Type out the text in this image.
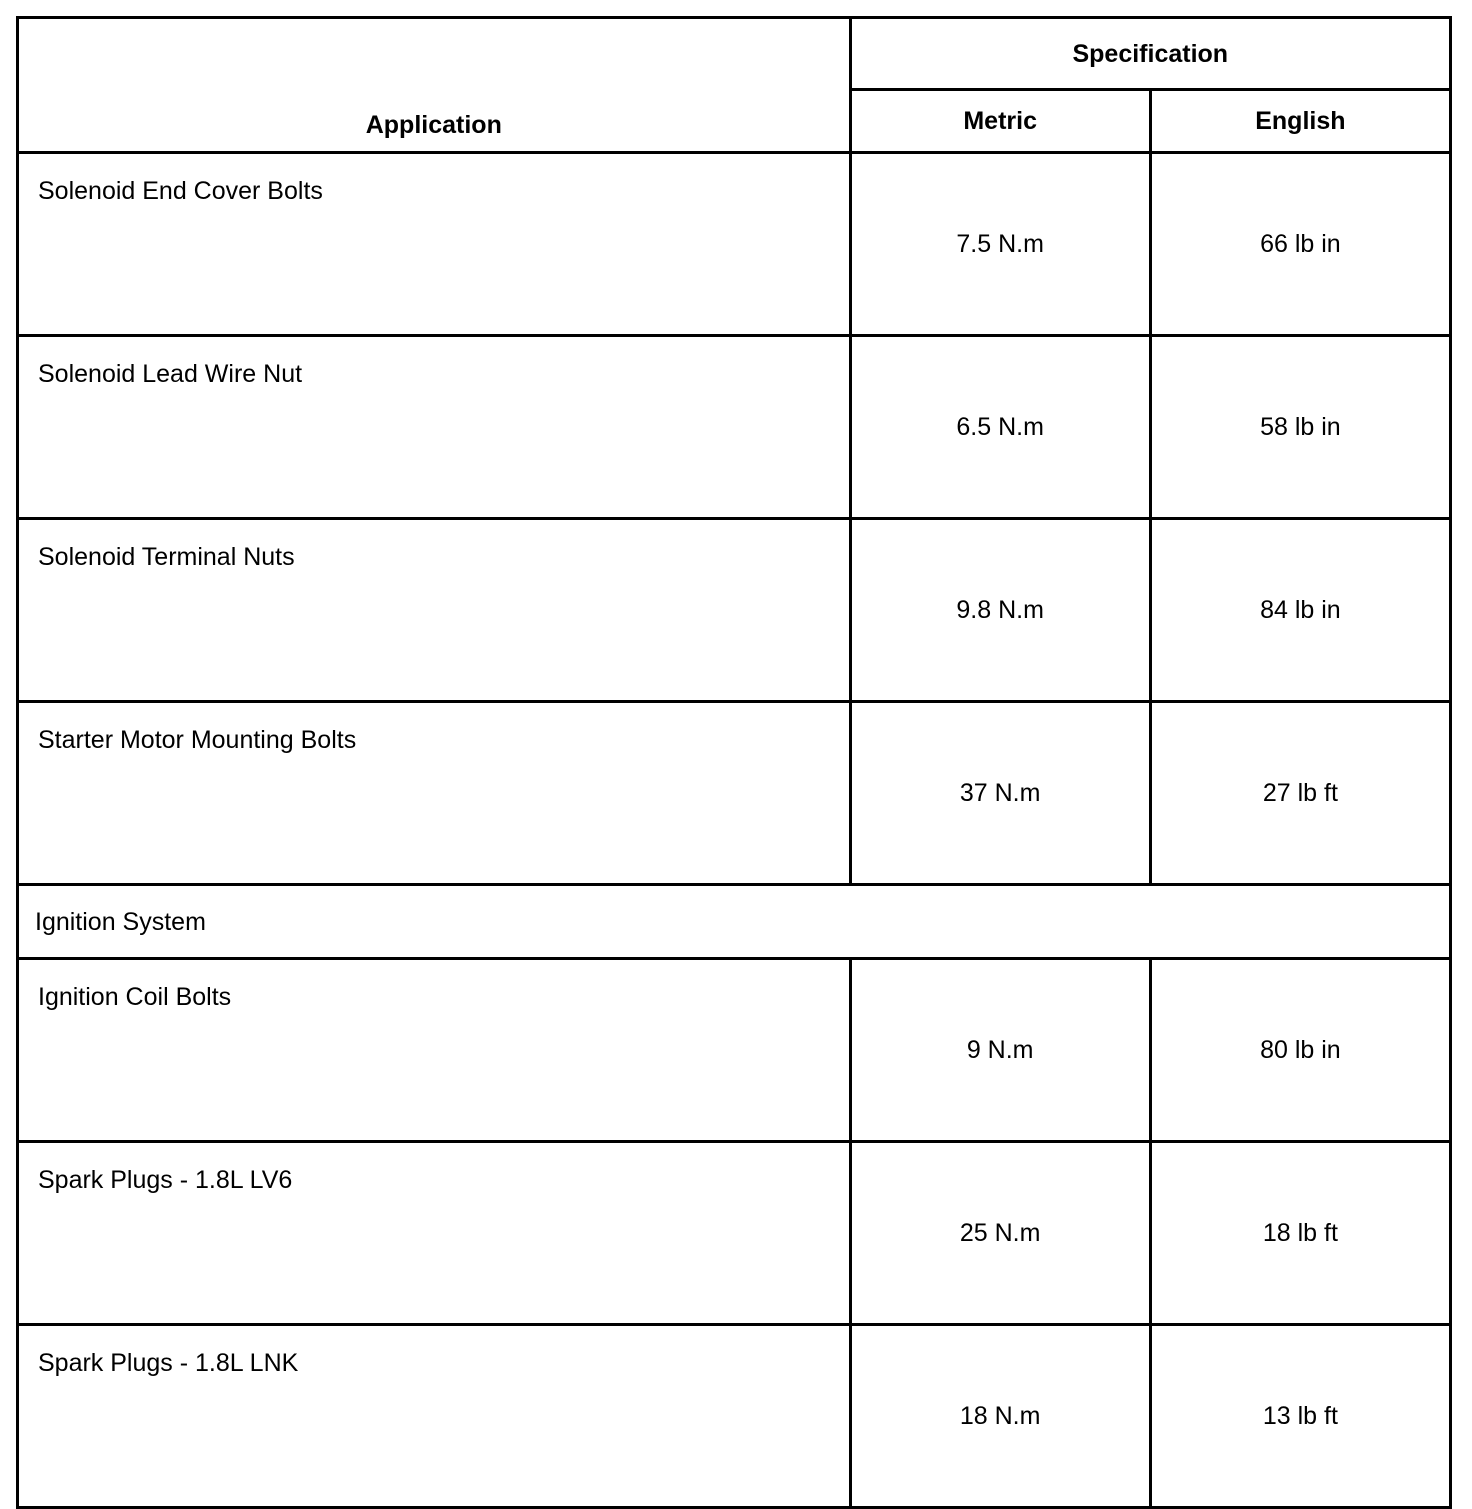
Application	Specification	
	Metric	English
Solenoid End Cover Bolts	7.5 N.m	66 lb in
Solenoid Lead Wire Nut	6.5 N.m	58 lb in
Solenoid Terminal Nuts	9.8 N.m	84 lb in
Starter Motor Mounting Bolts	37 N.m	27 lb ft
Ignition System		
Ignition Coil Bolts	9 N.m	80 lb in
Spark Plugs - 1.8L LV6	25 N.m	18 lb ft
Spark Plugs - 1.8L LNK	18 N.m	13 lb ft
